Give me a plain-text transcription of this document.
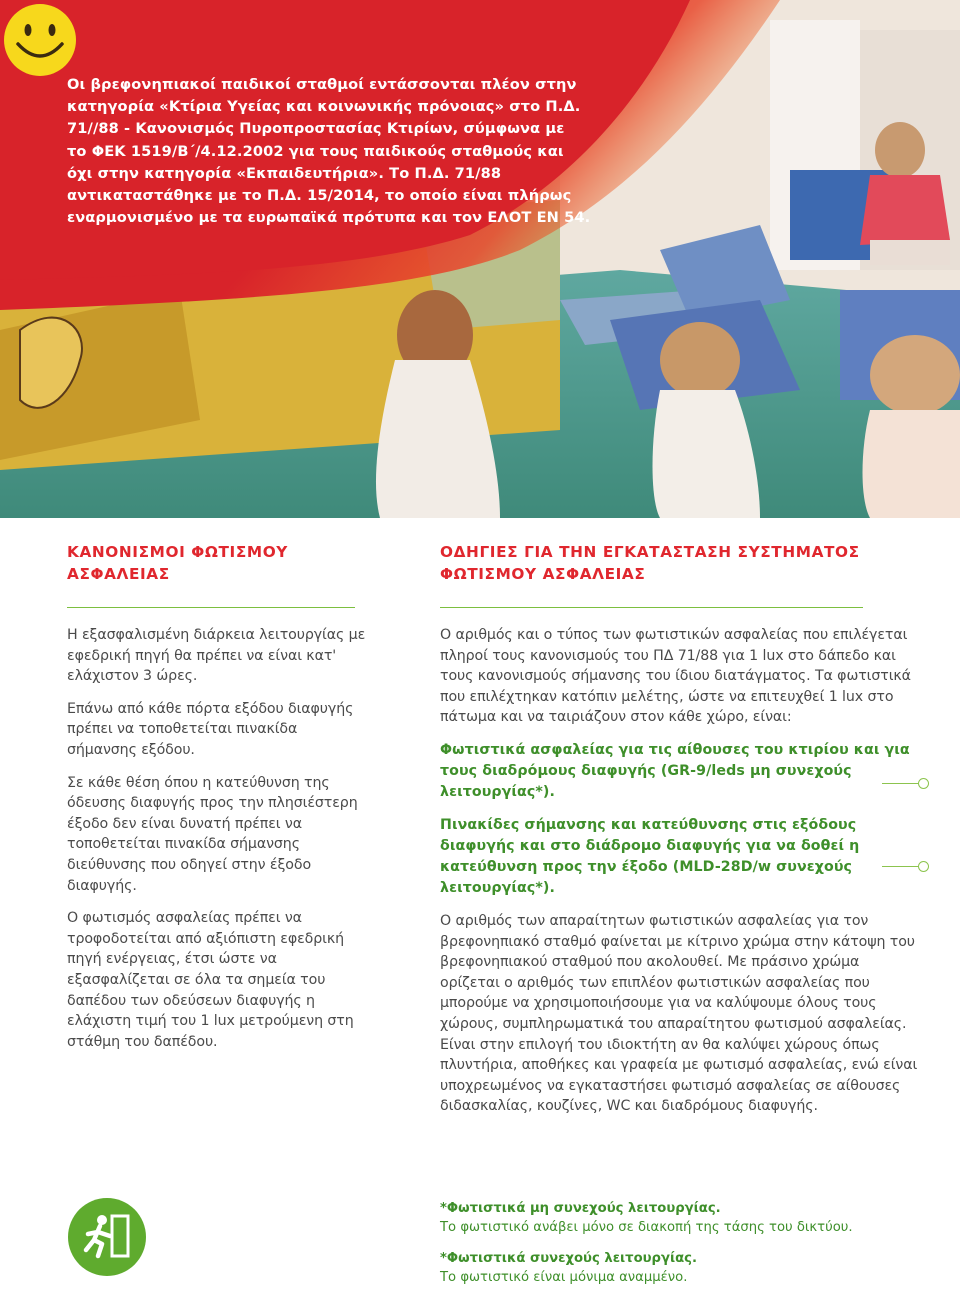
Οι βρεφονηπιακοί παιδικοί σταθμοί εντάσσονται πλέον στην

κατηγορία «Κτίρια Υγείας και κοινωνικής πρόνοιας» στο Π.Δ.

71//88 - Κανονισμός Πυροπροστασίας Κτιρίων, σύμφωνα με

το ΦΕΚ 1519/Β΄/4.12.2002 για τους παιδικούς σταθμούς και

όχι στην κατηγορία «Εκπαιδευτήρια». Το Π.Δ. 71/88

αντικαταστάθηκε με το Π.Δ. 15/2014, το οποίο είναι πλήρως

εναρμονισμένο με τα ευρωπαϊκά πρότυπα και τον ΕΛΟΤ ΕΝ 54.

ΚΑΝΟΝΙΣΜΟΙ ΦΩΤΙΣΜΟΥ
ΑΣΦΑΛΕΙΑΣ

Η εξασφαλισμένη διάρκεια λειτουργίας με εφεδρική πηγή θα πρέπει να είναι κατ' ελάχιστον 3 ώρες.

Επάνω από κάθε πόρτα εξόδου διαφυγής πρέπει να τοποθετείται πινακίδα σήμανσης εξόδου.

Σε κάθε θέση όπου η κατεύθυνση της όδευσης διαφυγής προς την πλησιέστερη έξοδο δεν είναι δυνατή πρέπει να τοποθετείται πινακίδα σήμανσης διεύθυνσης που οδηγεί στην έξοδο διαφυγής.

Ο φωτισμός ασφαλείας πρέπει να τροφοδοτείται από αξιόπιστη εφεδρική πηγή ενέργειας, έτσι ώστε να εξασφαλίζεται σε όλα τα σημεία του δαπέδου των οδεύσεων διαφυγής η ελάχιστη τιμή του 1 lux μετρούμενη στη στάθμη του δαπέδου.

ΟΔΗΓΙΕΣ ΓΙΑ ΤΗΝ ΕΓΚΑΤΑΣΤΑΣΗ ΣΥΣΤΗΜΑΤΟΣ
ΦΩΤΙΣΜΟΥ ΑΣΦΑΛΕΙΑΣ

Ο αριθμός και ο τύπος των φωτιστικών ασφαλείας που επιλέγεται πληροί τους κανονισμούς του ΠΔ 71/88 για 1 lux στο δάπεδο και τους κανονισμούς σήμανσης του ίδιου διατάγματος. Τα φωτιστικά που επιλέχτηκαν κατόπιν μελέτης, ώστε να επιτευχθεί 1 lux στο πάτωμα και να ταιριάζουν στον κάθε χώρο, είναι:

Φωτιστικά ασφαλείας για τις αίθουσες του κτιρίου και για τους διαδρόμους διαφυγής (GR-9/leds μη συνεχούς λειτουργίας*).

Πινακίδες σήμανσης και κατεύθυνσης στις εξόδους διαφυγής και στο διάδρομο διαφυγής για να δοθεί η κατεύθυνση προς την έξοδο (MLD-28D/w συνεχούς λειτουργίας*).

Ο αριθμός των απαραίτητων φωτιστικών ασφαλείας για τον βρεφονηπιακό σταθμό φαίνεται με κίτρινο χρώμα στην κάτοψη του βρεφονηπιακού σταθμού που ακολουθεί. Με πράσινο χρώμα ορίζεται ο αριθμός των επιπλέον φωτιστικών ασφαλείας που μπορούμε να χρησιμοποιήσουμε για να καλύψουμε όλους τους χώρους, συμπληρωματικά του απαραίτητου φωτισμού ασφαλείας. Είναι στην επιλογή του ιδιοκτήτη αν θα καλύψει χώρους όπως πλυντήρια, αποθήκες και γραφεία με φωτισμό ασφαλείας, ενώ είναι υποχρεωμένος να εγκαταστήσει φωτισμό ασφαλείας σε αίθουσες διδασκαλίας, κουζίνες, WC και διαδρόμους διαφυγής.

*Φωτιστικά μη συνεχούς λειτουργίας.

Το φωτιστικό ανάβει μόνο σε διακοπή της τάσης του δικτύου.

*Φωτιστικά συνεχούς λειτουργίας.

Το φωτιστικό είναι μόνιμα αναμμένο.
